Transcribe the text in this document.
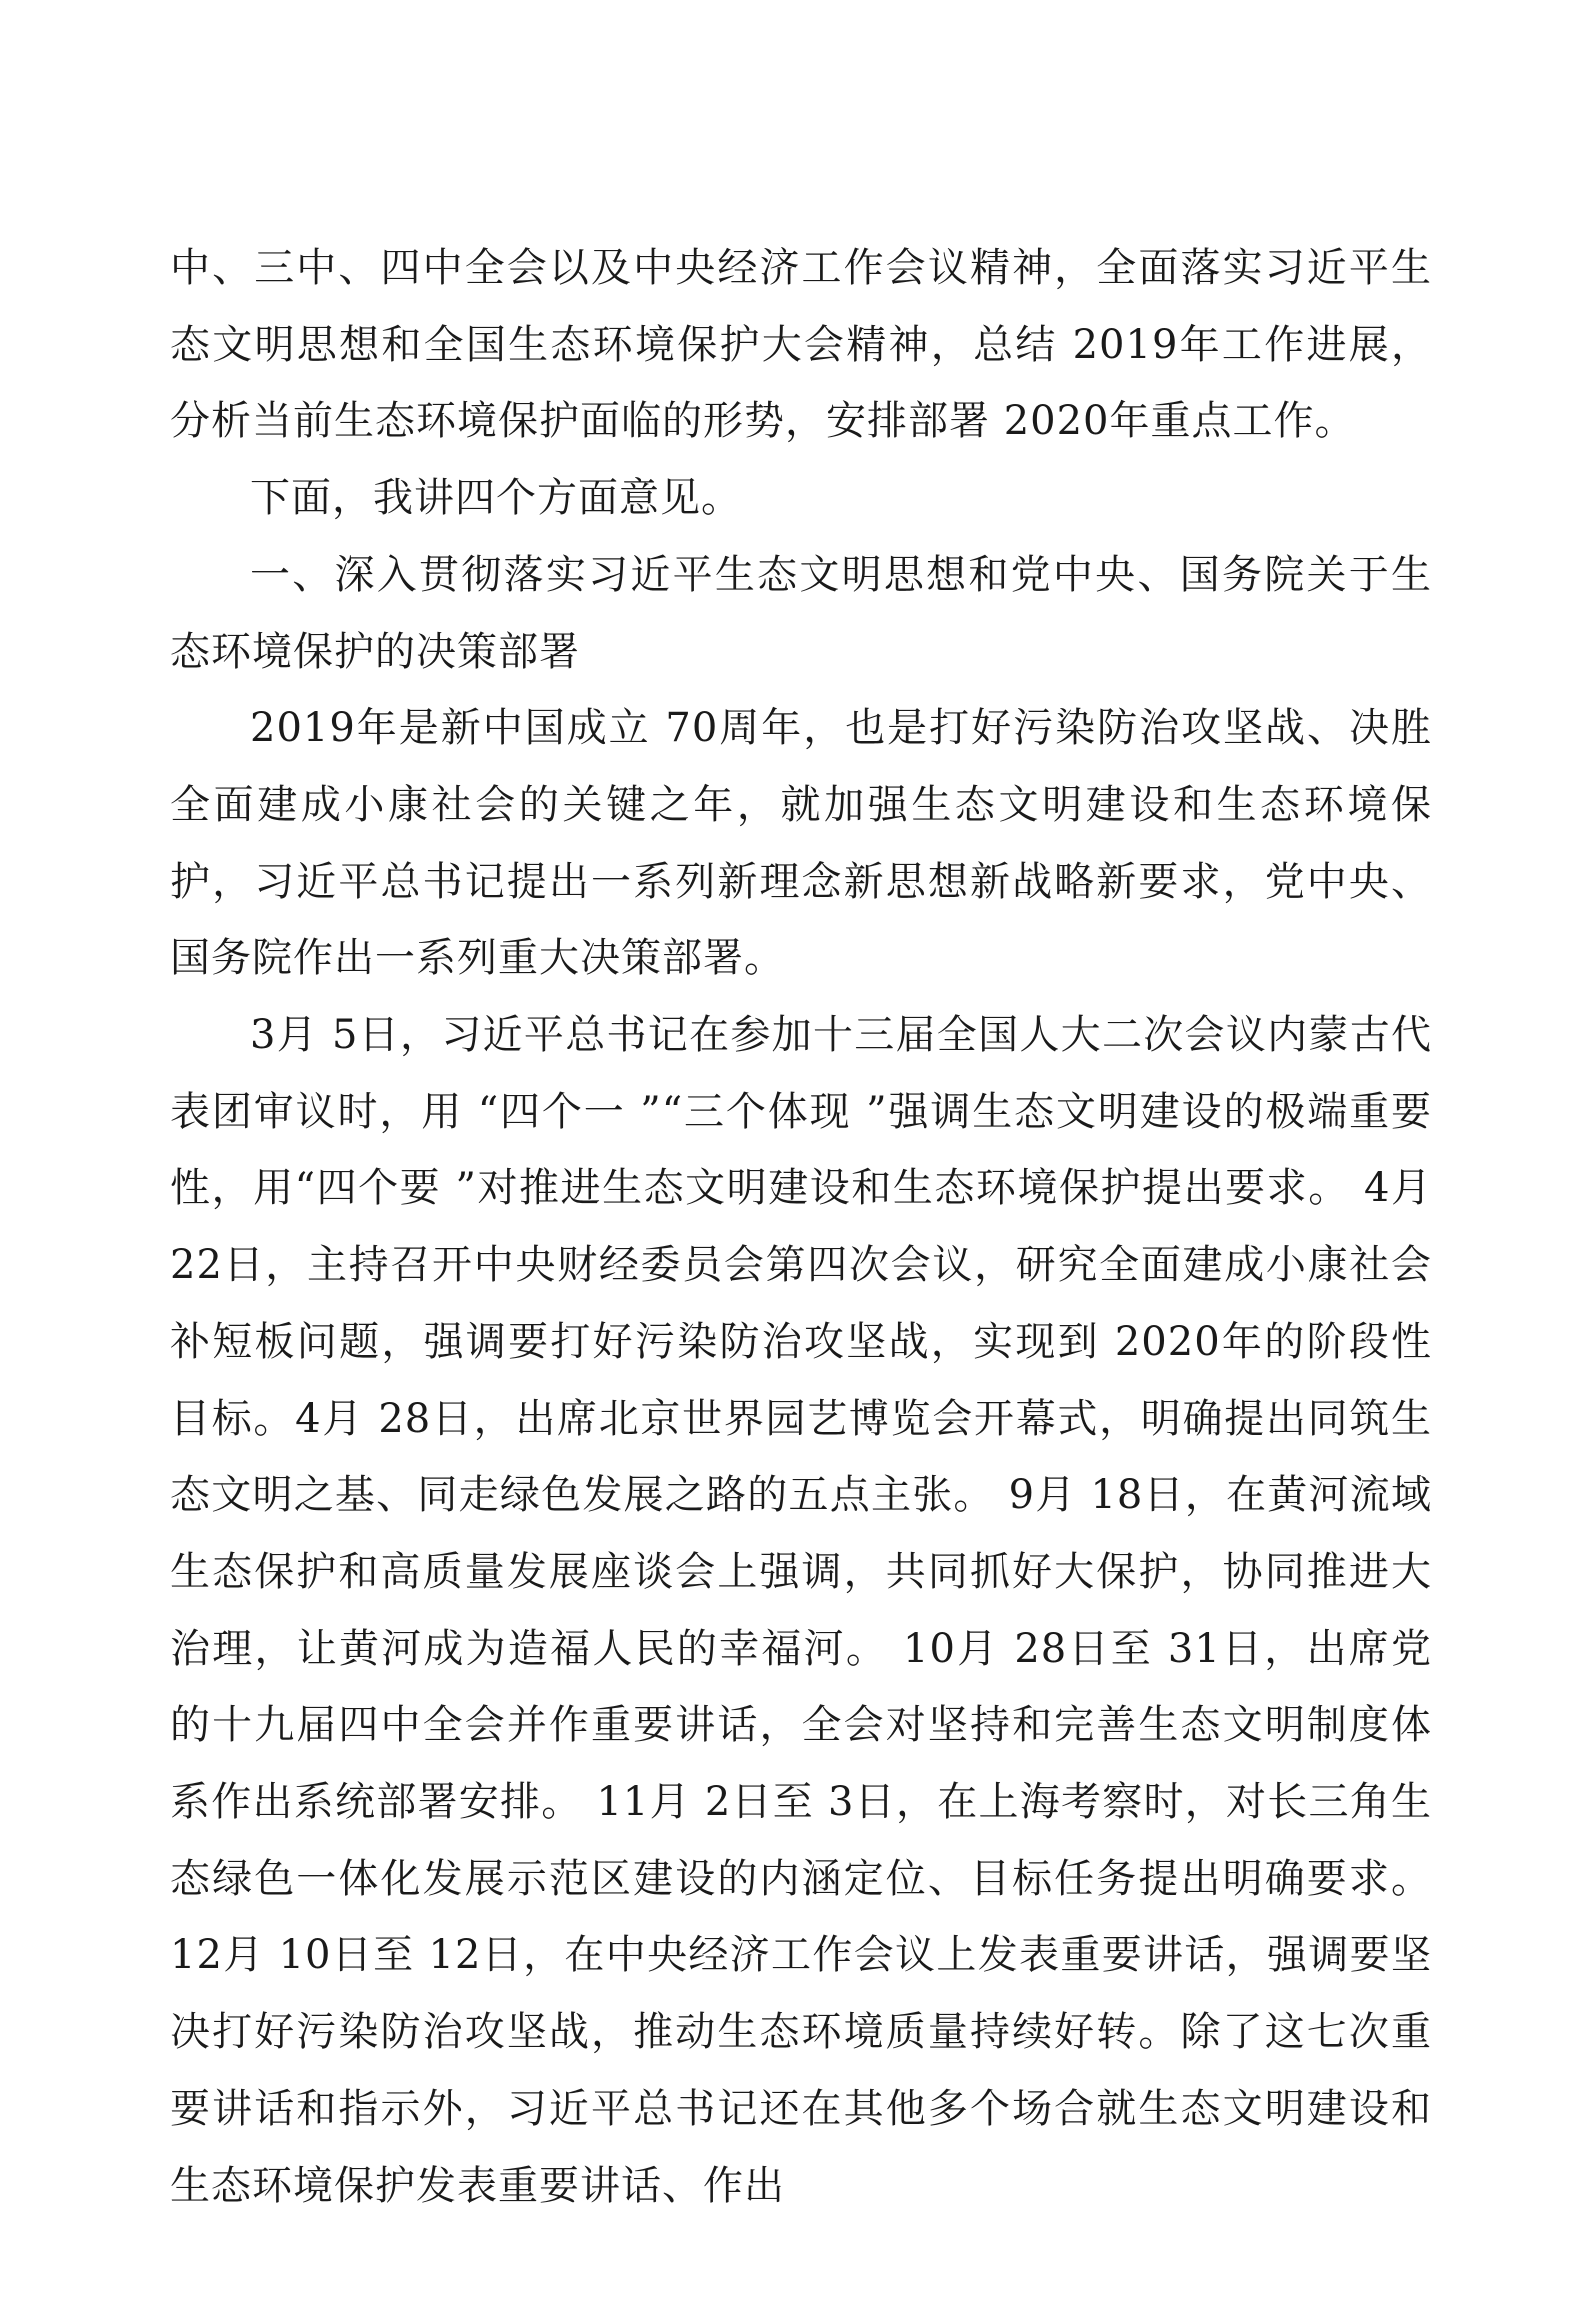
中、三中、四中全会以及中央经济工作会议精神，全面落实习近平生态文明思想和全国生态环境保护大会精神，总结 2019年工作进展，分析当前生态环境保护面临的形势，安排部署 2020年重点工作。

下面，我讲四个方面意见。

一、深入贯彻落实习近平生态文明思想和党中央、国务院关于生态环境保护的决策部署

2019年是新中国成立 70周年，也是打好污染防治攻坚战、决胜全面建成小康社会的关键之年，就加强生态文明建设和生态环境保护，习近平总书记提出一系列新理念新思想新战略新要求，党中央、国务院作出一系列重大决策部署。

3月 5日，习近平总书记在参加十三届全国人大二次会议内蒙古代表团审议时，用 “四个一 ”“三个体现 ”强调生态文明建设的极端重要性，用“四个要 ”对推进生态文明建设和生态环境保护提出要求。 4月 22日，主持召开中央财经委员会第四次会议，研究全面建成小康社会补短板问题，强调要打好污染防治攻坚战，实现到 2020年的阶段性目标。4月 28日，出席北京世界园艺博览会开幕式，明确提出同筑生态文明之基、同走绿色发展之路的五点主张。 9月 18日，在黄河流域生态保护和高质量发展座谈会上强调，共同抓好大保护，协同推进大治理，让黄河成为造福人民的幸福河。 10月 28日至 31日，出席党的十九届四中全会并作重要讲话，全会对坚持和完善生态文明制度体系作出系统部署安排。 11月 2日至 3日，在上海考察时，对长三角生态绿色一体化发展示范区建设的内涵定位、目标任务提出明确要求。 12月 10日至 12日，在中央经济工作会议上发表重要讲话，强调要坚决打好污染防治攻坚战，推动生态环境质量持续好转。除了这七次重要讲话和指示外，习近平总书记还在其他多个场合就生态文明建设和生态环境保护发表重要讲话、作出
